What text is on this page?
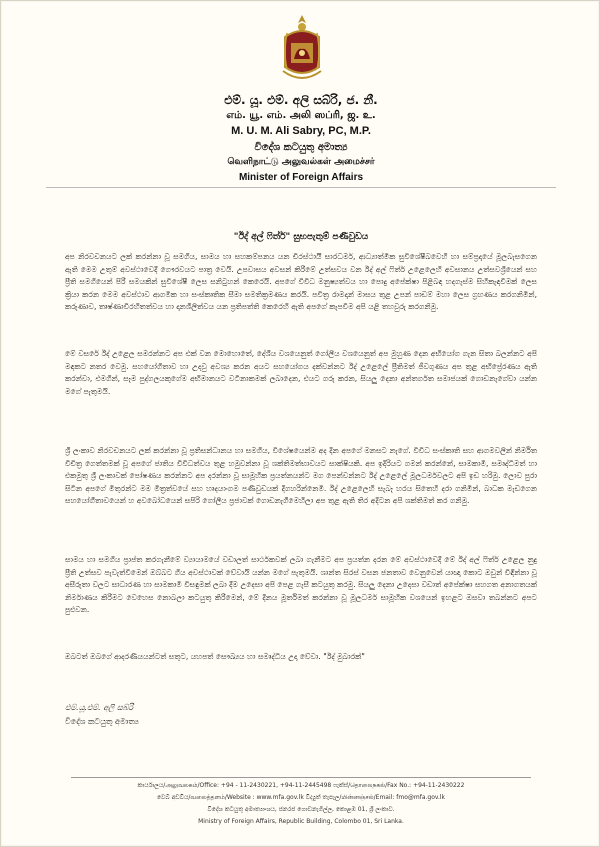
එම්. යූ. එම්. අලි සබ්රි, ජ. නී.
எம். யூ. எம். அலி ஸப்ரி, ஜ. உ.
M. U. M. Ali Sabry, PC, M.P.
විදේශ කටයුතු අමාත්‍ය
வெளிநாட்டு அலுவல்கள் அமைச்சர்
Minister of Foreign Affairs
"ඊද් අල් ෆිත්ර්" සුභපැතුම් පණිවුඩය
අප නිරවචනයට ලක් කරන්නා වූ සමගිය, සාමය හා සහකම්පනය යන චිරස්ථායී සාරධර්ම, ආධ්‍යාත්මික සුවිශේෂීබවෙහි හා සම්ප්‍රදායේ මූලබැසගෙන ඇති මෙම උතුම් අවස්ථාවෙදී ගෞරවයට පාත්‍ර වෙයි. උපවාසය අවසන් කිරීමේ උත්සවය වන ඊද් අල් ෆිත්ර් උළෙලෙහි අවසානය උත්සවශ්‍රීයෙන් සහ ප්‍රීති සමගියෙන් පිරී සමයකින් සුවිශේෂී ලෙස සනිටුහන් කෙරෙයි. අපගේ විවිධ මනුෂ්‍යත්වය හා පොදු අපේක්ෂා පිළිබඳ හදගැස්ම සිහිකැඳවීමක් ලෙස ක්‍රියා කරන මෙම අවස්ථාව ආගමික හා සංස්කෘතික සීමා සමතික්‍රමණය කරයි. පවිත්‍ර රාමදාන් මාසය තුළ උපන් පාඩම් මහා ලෙස ග්‍රහණය කරගනිමින්, කරුණාව, තෘෂ්ණාවිරහිතත්වය හා දානශීලිත්වය යන ප්‍රතිපත්ති කෙරෙහි ඇති අපගේ කැපවීම අපි යළි තහවුරු කරගනිමු.
මේ වසරේ ඊද් උළෙල සමරන්නට අප එක් වන මොහොතේ, දේශීය වශයෙනුත් ගෝලීය වශයෙනුත් අප මුහුණ දෙන අභියෝග ගැන සිතා බලන්නට අපි මඳකට නතර වෙමු. සහයෝගිතාව හා උදවු අවශ්‍ය කරන අයට සහයෝගය දක්වන්නට ඊද් උළෙලේ ප්‍රීතිමත් ජීවගුණය අප තුළ අභිප්‍රේරණය ඇති කරන්වා, එමගින්, සෑම පුද්ගලයකුගේම අභිමානයට වටිනාකමක් ලබාදෙන, එයට ගරු කරන, සියලු දෙනා අන්තර්ගත සමාජයක් ගොඩනැගේවා යන්න මගේ පැතුමයි.
ශ්‍රී ලංකාව නිරවචනයට ලක් කරන්නා වූ ප්‍රතිසන්ධානය හා සමගිය, විශේෂයෙන්ම අද දින අපගේ මනසට නැගේ. විවිධ සංස්කෘති සහ ආගමවලින් නිර්මිත විචිත්‍ර ගෙත්තමක් වූ අපගේ ජාතිය විවිධත්වය තුළ හමුවන්නා වූ ශක්තිමත්භාවයට සාක්ෂියකි. අප ඉදිරියට ගමන් කරන්නේ, සාමකාමී, සමෘද්ධිමත් හා එකමුතු ශ්‍රී ලංකාවක් පෝෂණය කරන්නට අප දරන්නා වූ සාමූහික ප්‍රයත්නයන්ට මග පෙන්වන්නට ඊද් උළෙලේ මූලධර්මවලට අපි ඉඩ හරිමු. ලොව පුරා සිටින අපගේ මිතුරන්ට මම මිත්‍රත්වයේ සහ හෘදයාංගම පණිවුඩයක් දිගහරින්නෙමි. ඊද් උළෙලෙහි සැබෑ හරය සිතෙහි දරා ගනිමින්, බාධක මැඩගෙන සහයෝගීතාවයෙන් හ අවබෝධයෙන් සපිරි ගෝලීය ප්‍රජාවක් ගොඩනැගීමෙහිලා අප තුළ ඇති තිර අදිටන අපි ශක්තිමත් කර ගනිමු.
සාමය හා සමගිය ප්‍රාප්ත කරගැනීමේ ව්‍යායාමයේ වඩාලත් සාර්ථකවක් ලබා ගැනීමට අප ප්‍රයත්න දරන මේ අවස්ථාවෙදී මේ ඊද් අල් ෆිත්ර් උළෙල නුදු ප්‍රීති උත්සව පැවැත්වීමෙන් ඔබ්බට ගිය අවස්ථාවක් වේවායි යන්න මගේ පැතුමයි. ශාන්ත සිරස් වසන ජනතාව වෙනුවෙන් යාඥා කොට ඔවුන් විඳින්නා වූ අසීරුතා වලට සාධාරණ හා සාමකාමී විසඳුමක් ලබා දීම උදෙසා අපි පෙළ ගැසී කටයුතු කරමු. සියලු දෙනා උදෙසා වඩාත් අපේක්ෂා සහගත අනාගතයක් නිර්මාණය කිරීමට වෙහෙස නොබලා කටයුතු කිරීමෙන්, මේ දිනය මූර්තිමත් කරන්නා වූ මූලධර්ම සාමූහික වශයෙන් ඉහළට ඔසවා තබන්නට අපට පුළුවන.
ඔබටත් ඔබගේ ආදරණීයයන්ටත් සතුට, යහපත් සෞඛ්‍යය හා සමෘද්ධිය උදා වේවා. "ඊද් මුබාරක්"
එම්.යූ.එම්. අලි සබ්රි
විදේශ කටයුතු අමාත්‍ය
කාර්යාලය/அலுவலகம்/Office: +94 - 11-2430221, +94-11-2445498 ෆැක්ස්/தொலைநகல்/Fax No.: +94-11-2430222
වෙබ් අඩවිය/வலைத்தளம்/Website : www.mfa.gov.lk විද්‍යුත් තැපෑල/மின்னஞ்சல்/Email: fmo@mfa.gov.lk
විදේශ කටයුතු අමාත්‍යාංශය, ජනරජ ගොඩනැගිල්ල, කොළඹ 01, ශ්‍රී ලංකාව.
Ministry of Foreign Affairs, Republic Building, Colombo 01, Sri Lanka.
